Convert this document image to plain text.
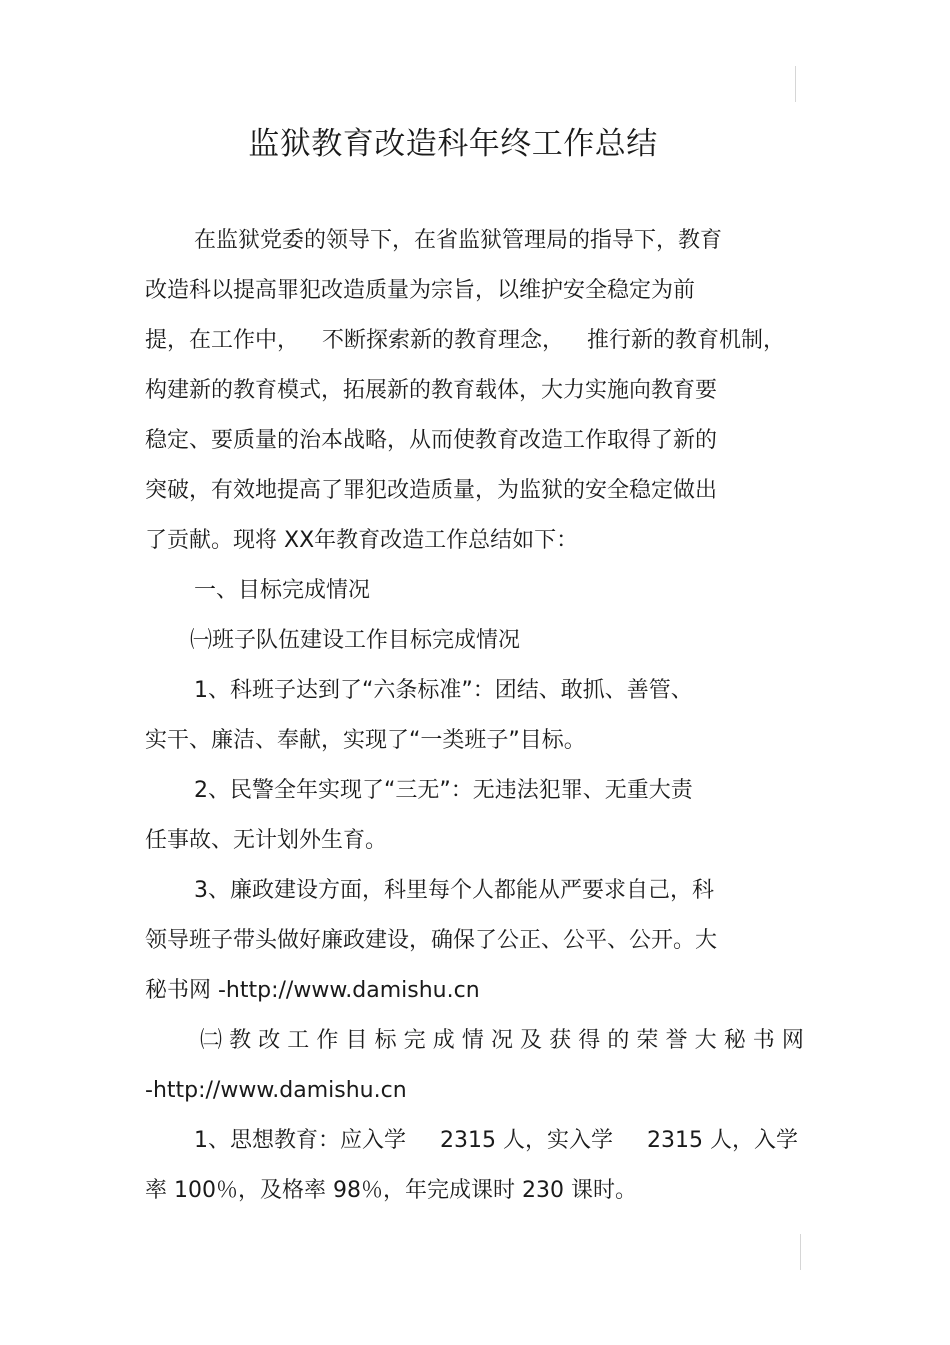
监狱教育改造科年终工作总结
在监狱党委的领导下，在省监狱管理局的指导下，教育
改造科以提高罪犯改造质量为宗旨，以维护安全稳定为前
提，在工作中， 不断探索新的教育理念， 推行新的教育机制，
构建新的教育模式，拓展新的教育载体，大力实施向教育要
稳定、要质量的治本战略，从而使教育改造工作取得了新的
突破，有效地提高了罪犯改造质量，为监狱的安全稳定做出
了贡献。现将 XX年教育改造工作总结如下：
一、目标完成情况
㈠班子队伍建设工作目标完成情况
1、科班子达到了“六条标准”：团结、敢抓、善管、
实干、廉洁、奉献，实现了“一类班子”目标。
2、民警全年实现了“三无”：无违法犯罪、无重大责
任事故、无计划外生育。
3、廉政建设方面，科里每个人都能从严要求自己，科
领导班子带头做好廉政建设，确保了公正、公平、公开。大
秘书网 -http://www.damishu.cn
㈡ 教 改 工 作 目 标 完 成 情 况 及 获 得 的 荣 誉 大 秘 书 网
-http://www.damishu.cn
1、思想教育：应入学 2315 人，实入学 2315 人，入学
率 100％，及格率 98％，年完成课时 230 课时。
